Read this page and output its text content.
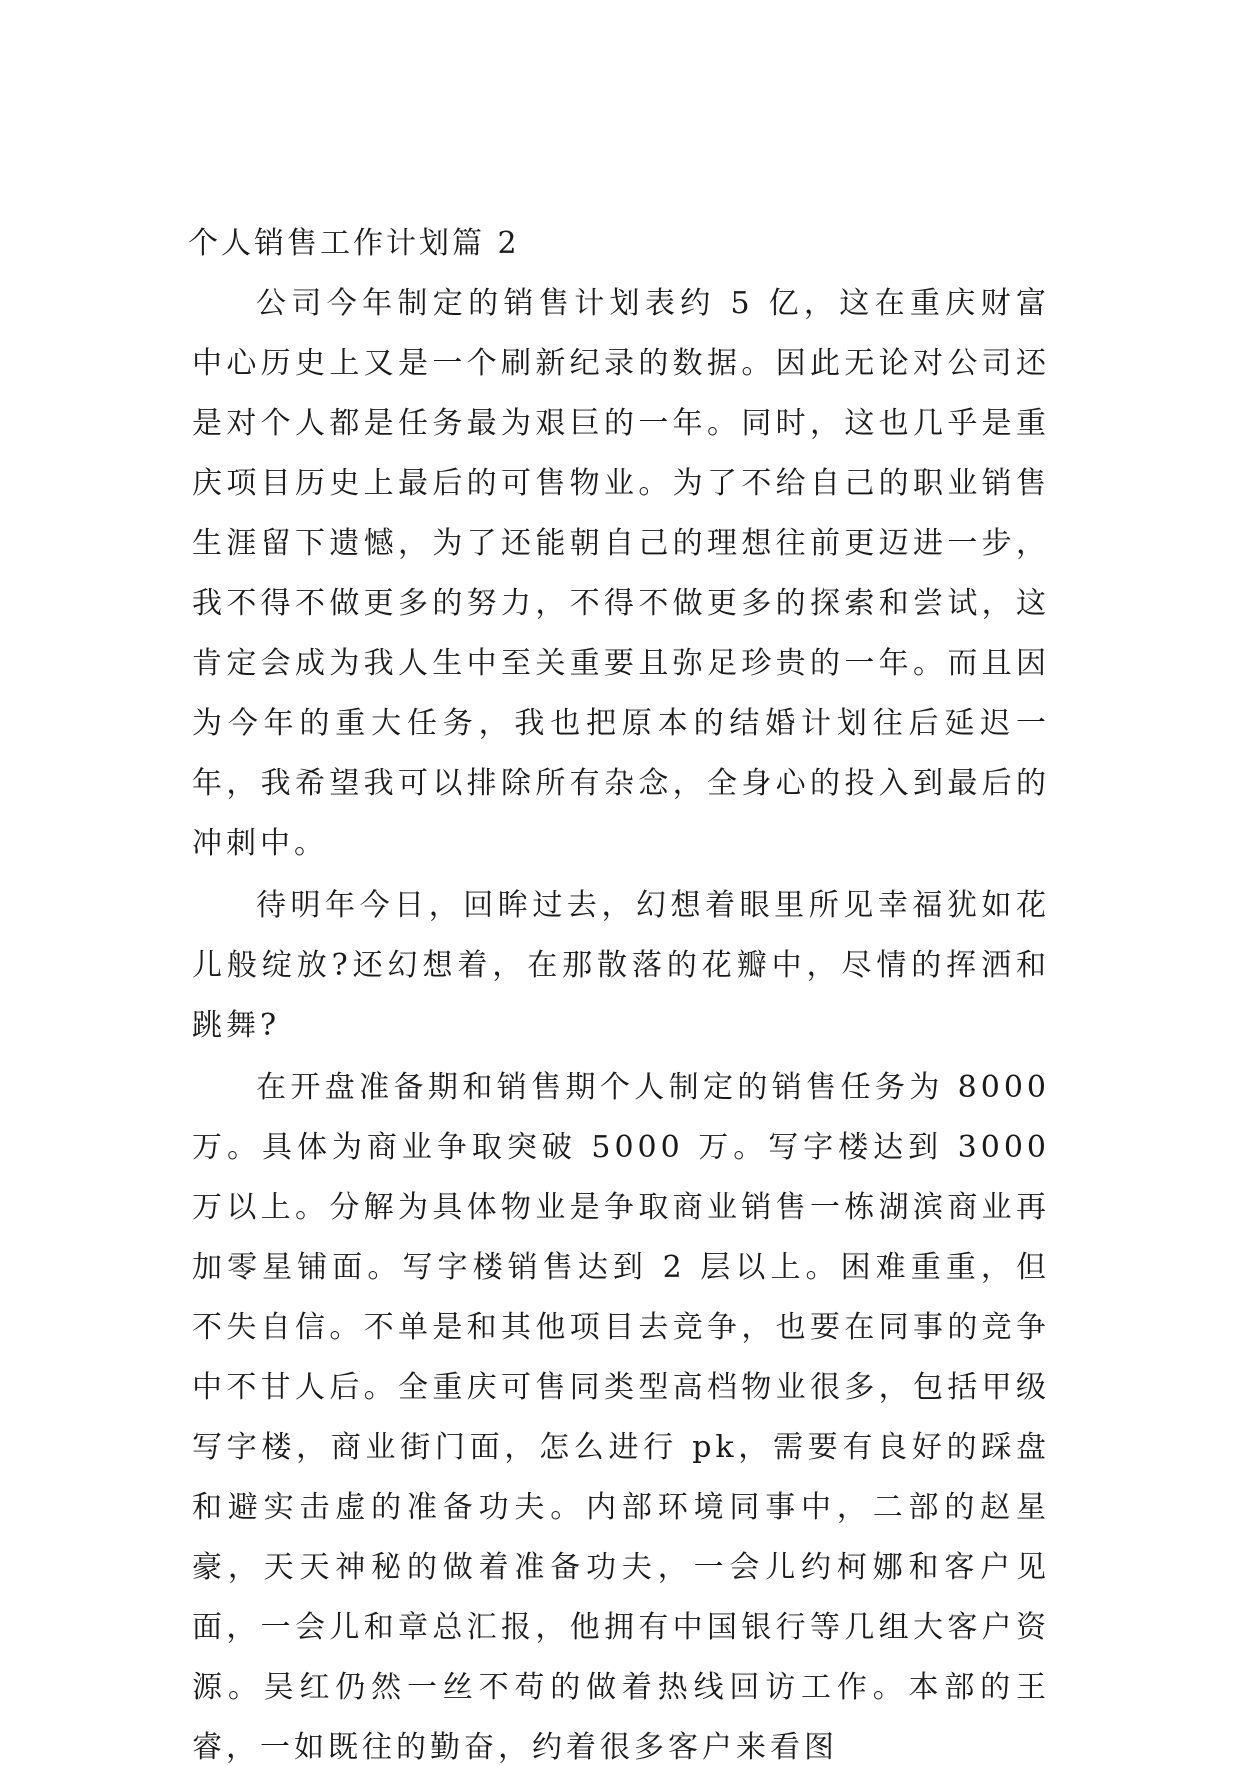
个人销售工作计划篇 2

公司今年制定的销售计划表约 5 亿，这在重庆财富中心历史上又是一个刷新纪录的数据。因此无论对公司还是对个人都是任务最为艰巨的一年。同时，这也几乎是重庆项目历史上最后的可售物业。为了不给自己的职业销售生涯留下遗憾，为了还能朝自己的理想往前更迈进一步，我不得不做更多的努力，不得不做更多的探索和尝试，这肯定会成为我人生中至关重要且弥足珍贵的一年。而且因为今年的重大任务，我也把原本的结婚计划往后延迟一年，我希望我可以排除所有杂念，全身心的投入到最后的冲刺中。

待明年今日，回眸过去，幻想着眼里所见幸福犹如花儿般绽放?还幻想着，在那散落的花瓣中，尽情的挥洒和跳舞?

在开盘准备期和销售期个人制定的销售任务为 8000 万。具体为商业争取突破 5000 万。写字楼达到 3000 万以上。分解为具体物业是争取商业销售一栋湖滨商业再加零星铺面。写字楼销售达到 2 层以上。困难重重，但不失自信。不单是和其他项目去竞争，也要在同事的竞争中不甘人后。全重庆可售同类型高档物业很多，包括甲级写字楼，商业街门面，怎么进行 pk，需要有良好的踩盘和避实击虚的准备功夫。内部环境同事中，二部的赵星豪，天天神秘的做着准备功夫，一会儿约柯娜和客户见面，一会儿和章总汇报，他拥有中国银行等几组大客户资源。吴红仍然一丝不苟的做着热线回访工作。本部的王睿，一如既往的勤奋，约着很多客户来看图
